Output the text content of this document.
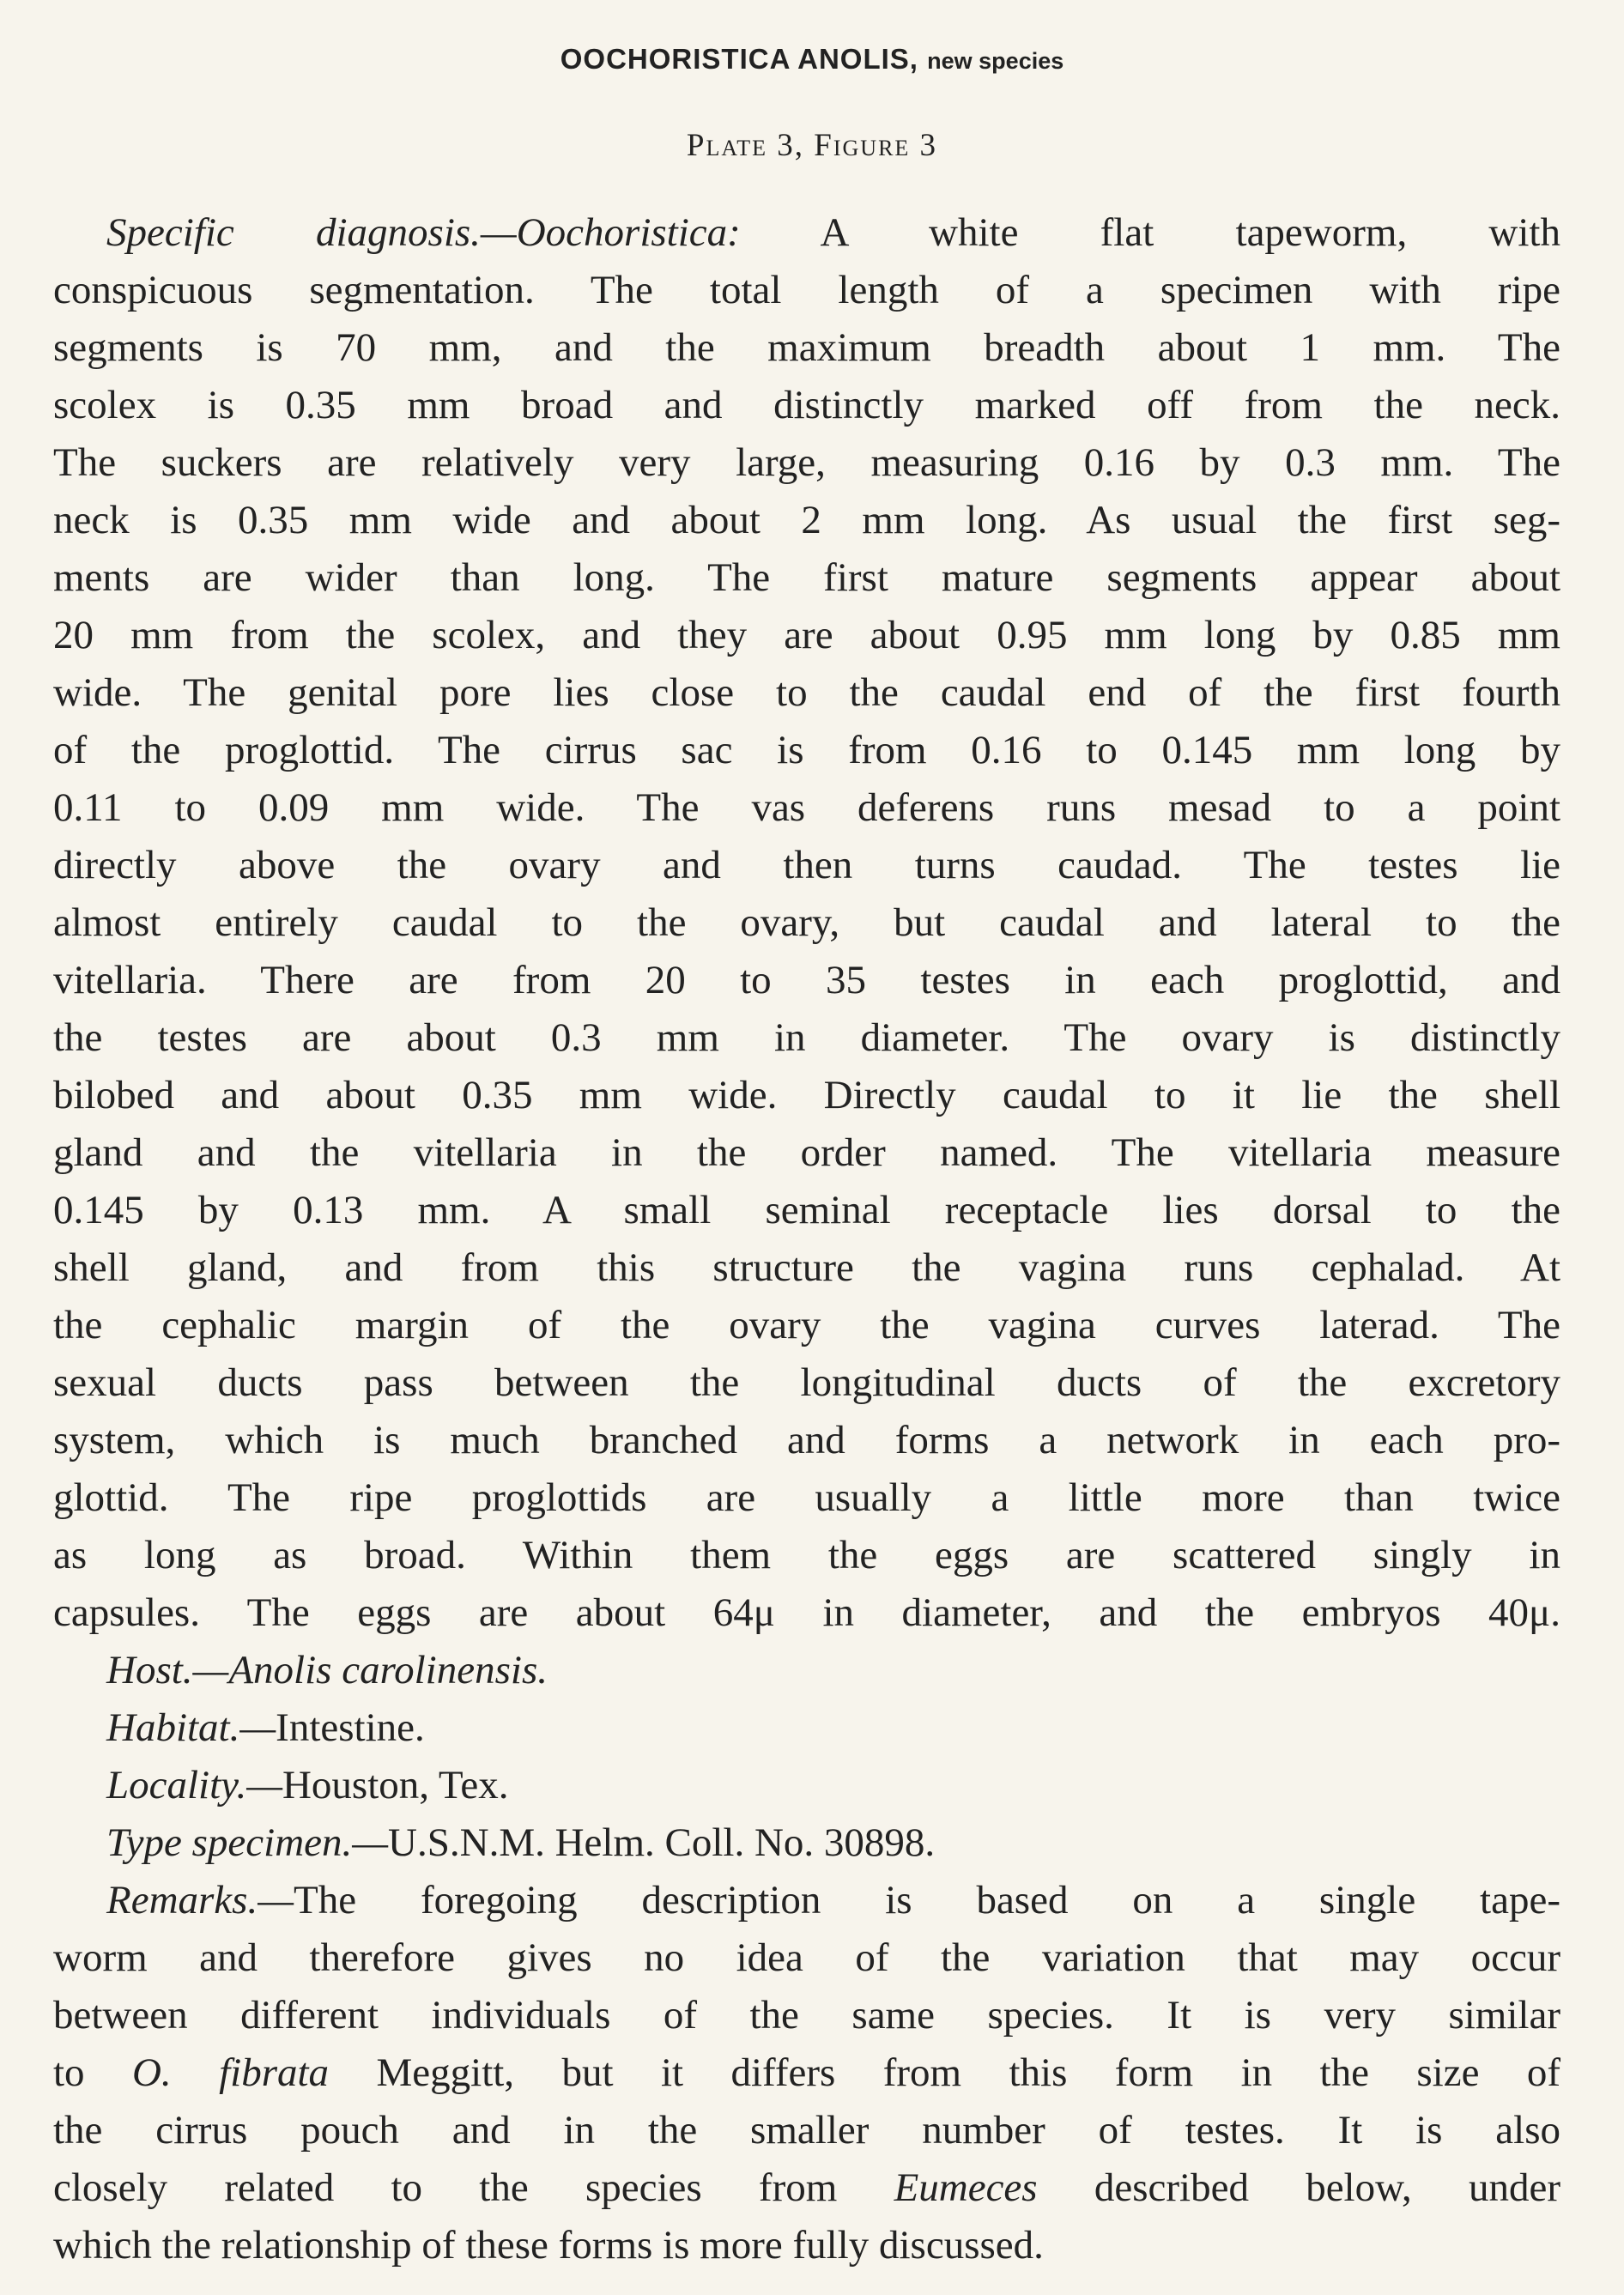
OOCHORISTICA ANOLIS, new species
Plate 3, Figure 3
Specific diagnosis.—Oochoristica: A white flat tapeworm, with
conspicuous segmentation. The total length of a specimen with ripe
segments is 70 mm, and the maximum breadth about 1 mm. The
scolex is 0.35 mm broad and distinctly marked off from the neck.
The suckers are relatively very large, measuring 0.16 by 0.3 mm. The
neck is 0.35 mm wide and about 2 mm long. As usual the first seg-
ments are wider than long. The first mature segments appear about
20 mm from the scolex, and they are about 0.95 mm long by 0.85 mm
wide. The genital pore lies close to the caudal end of the first fourth
of the proglottid. The cirrus sac is from 0.16 to 0.145 mm long by
0.11 to 0.09 mm wide. The vas deferens runs mesad to a point
directly above the ovary and then turns caudad. The testes lie
almost entirely caudal to the ovary, but caudal and lateral to the
vitellaria. There are from 20 to 35 testes in each proglottid, and
the testes are about 0.3 mm in diameter. The ovary is distinctly
bilobed and about 0.35 mm wide. Directly caudal to it lie the shell
gland and the vitellaria in the order named. The vitellaria measure
0.145 by 0.13 mm. A small seminal receptacle lies dorsal to the
shell gland, and from this structure the vagina runs cephalad. At
the cephalic margin of the ovary the vagina curves laterad. The
sexual ducts pass between the longitudinal ducts of the excretory
system, which is much branched and forms a network in each pro-
glottid. The ripe proglottids are usually a little more than twice
as long as broad. Within them the eggs are scattered singly in
capsules. The eggs are about 64μ in diameter, and the embryos 40μ.
Host.—Anolis carolinensis.
Habitat.—Intestine.
Locality.—Houston, Tex.
Type specimen.—U.S.N.M. Helm. Coll. No. 30898.
Remarks.—The foregoing description is based on a single tape-
worm and therefore gives no idea of the variation that may occur
between different individuals of the same species. It is very similar
to O. fibrata Meggitt, but it differs from this form in the size of
the cirrus pouch and in the smaller number of testes. It is also
closely related to the species from Eumeces described below, under
which the relationship of these forms is more fully discussed.
